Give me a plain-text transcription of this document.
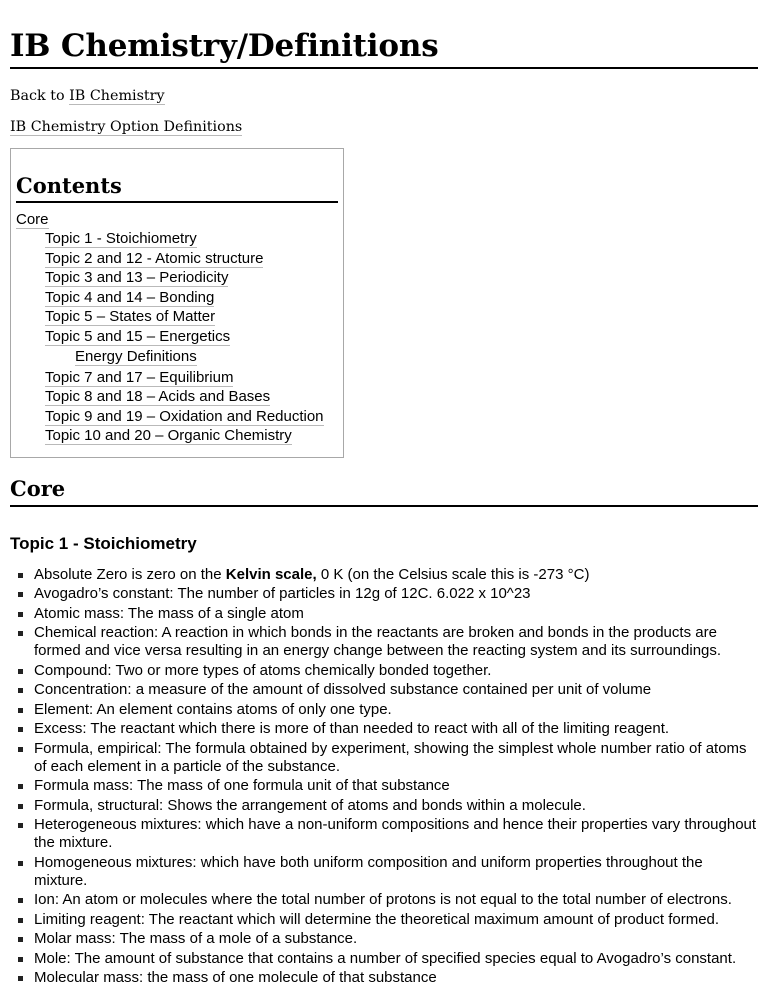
IB Chemistry/Definitions

Back to IB Chemistry

IB Chemistry Option Definitions

Contents
Core
Topic 1 - Stoichiometry
Topic 2 and 12 - Atomic structure
Topic 3 and 13 – Periodicity
Topic 4 and 14 – Bonding
Topic 5 – States of Matter
Topic 5 and 15 – Energetics
Energy Definitions
Topic 7 and 17 – Equilibrium
Topic 8 and 18 – Acids and Bases
Topic 9 and 19 – Oxidation and Reduction
Topic 10 and 20 – Organic Chemistry
Core
Topic 1 - Stoichiometry
Absolute Zero is zero on the Kelvin scale, 0 K (on the Celsius scale this is -273 °C)
Avogadro’s constant: The number of particles in 12g of 12C. 6.022 x 10^23
Atomic mass: The mass of a single atom
Chemical reaction: A reaction in which bonds in the reactants are broken and bonds in the products are formed and vice versa resulting in an energy change between the reacting system and its surroundings.
Compound: Two or more types of atoms chemically bonded together.
Concentration: a measure of the amount of dissolved substance contained per unit of volume
Element: An element contains atoms of only one type.
Excess: The reactant which there is more of than needed to react with all of the limiting reagent.
Formula, empirical: The formula obtained by experiment, showing the simplest whole number ratio of atoms of each element in a particle of the substance.
Formula mass: The mass of one formula unit of that substance
Formula, structural: Shows the arrangement of atoms and bonds within a molecule.
Heterogeneous mixtures: which have a non-uniform compositions and hence their properties vary throughout the mixture.
Homogeneous mixtures: which have both uniform composition and uniform properties throughout the mixture.
Ion: An atom or molecules where the total number of protons is not equal to the total number of electrons.
Limiting reagent: The reactant which will determine the theoretical maximum amount of product formed.
Molar mass: The mass of a mole of a substance.
Mole: The amount of substance that contains a number of specified species equal to Avogadro’s constant.
Molecular mass: the mass of one molecule of that substance
